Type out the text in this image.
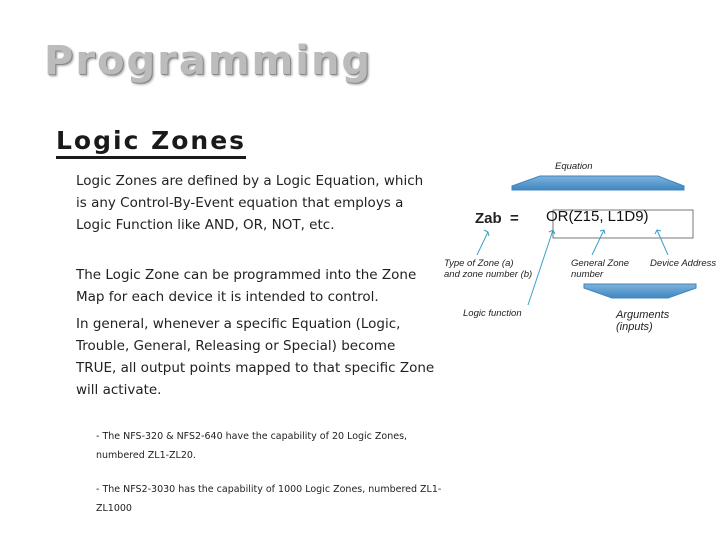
Programming
Logic Zones
Logic Zones are defined by a Logic Equation, which is any Control-By-Event equation that employs a Logic Function like AND, OR, NOT, etc.
The Logic Zone can be programmed into the Zone Map for each device it is intended to control.
In general, whenever a specific Equation (Logic, Trouble, General, Releasing or Special) become TRUE, all output points mapped to that specific Zone will activate.
- The NFS-320 & NFS2-640 have the capability of 20 Logic Zones, numbered ZL1-ZL20.
- The NFS2-3030 has the capability of 1000 Logic Zones, numbered ZL1-ZL1000
Equation
Zab  = OR(Z15, L1D9)
Type of Zone (a)
and zone number (b)
General Zone
number
Device Address
Logic function	Arguments
(inputs)
